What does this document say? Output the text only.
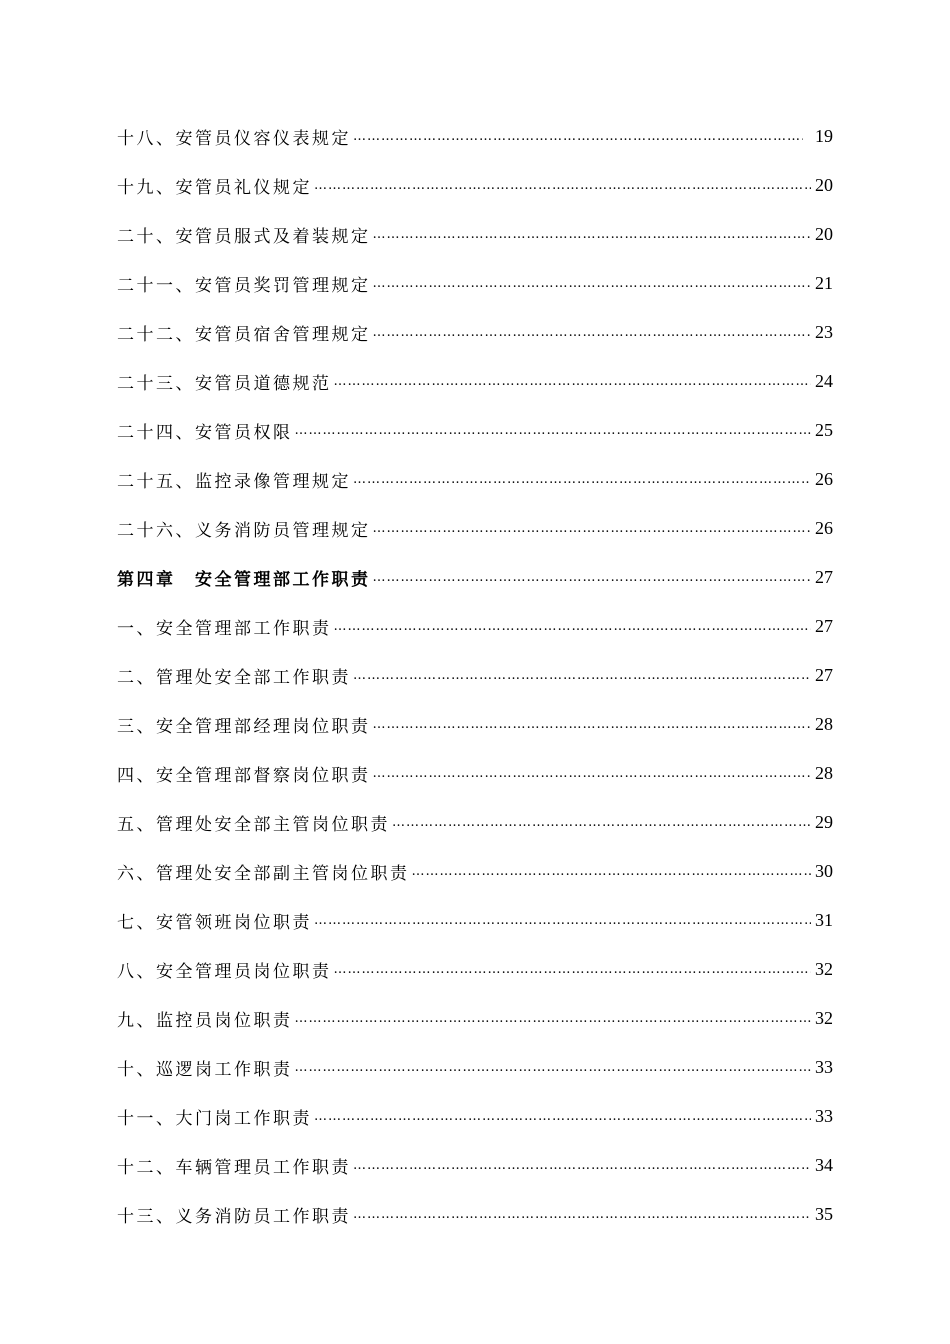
十八、安管员仪容仪表规定 …………………………………………………………………………………………………………………………………………………………………………………………………	19
十九、安管员礼仪规定 …………………………………………………………………………………………………………………………………………………………………………………………………	20
二十、安管员服式及着装规定 …………………………………………………………………………………………………………………………………………………………………………………………………	20
二十一、安管员奖罚管理规定 …………………………………………………………………………………………………………………………………………………………………………………………………	21
二十二、安管员宿舍管理规定 …………………………………………………………………………………………………………………………………………………………………………………………………	23
二十三、安管员道德规范 …………………………………………………………………………………………………………………………………………………………………………………………………	24
二十四、安管员权限 …………………………………………………………………………………………………………………………………………………………………………………………………	25
二十五、监控录像管理规定 …………………………………………………………………………………………………………………………………………………………………………………………………	26
二十六、义务消防员管理规定 …………………………………………………………………………………………………………………………………………………………………………………………………	26
第四章　安全管理部工作职责 …………………………………………………………………………………………………………………………………………………………………………………………………	27
一、安全管理部工作职责 …………………………………………………………………………………………………………………………………………………………………………………………………	27
二、管理处安全部工作职责 …………………………………………………………………………………………………………………………………………………………………………………………………	27
三、安全管理部经理岗位职责 …………………………………………………………………………………………………………………………………………………………………………………………………	28
四、安全管理部督察岗位职责 …………………………………………………………………………………………………………………………………………………………………………………………………	28
五、管理处安全部主管岗位职责 …………………………………………………………………………………………………………………………………………………………………………………………………	29
六、管理处安全部副主管岗位职责 …………………………………………………………………………………………………………………………………………………………………………………………………	30
七、安管领班岗位职责 …………………………………………………………………………………………………………………………………………………………………………………………………	31
八、安全管理员岗位职责 …………………………………………………………………………………………………………………………………………………………………………………………………	32
九、监控员岗位职责 …………………………………………………………………………………………………………………………………………………………………………………………………	32
十、巡逻岗工作职责 …………………………………………………………………………………………………………………………………………………………………………………………………	33
十一、大门岗工作职责 …………………………………………………………………………………………………………………………………………………………………………………………………	33
十二、车辆管理员工作职责 …………………………………………………………………………………………………………………………………………………………………………………………………	34
十三、义务消防员工作职责 …………………………………………………………………………………………………………………………………………………………………………………………………	35
